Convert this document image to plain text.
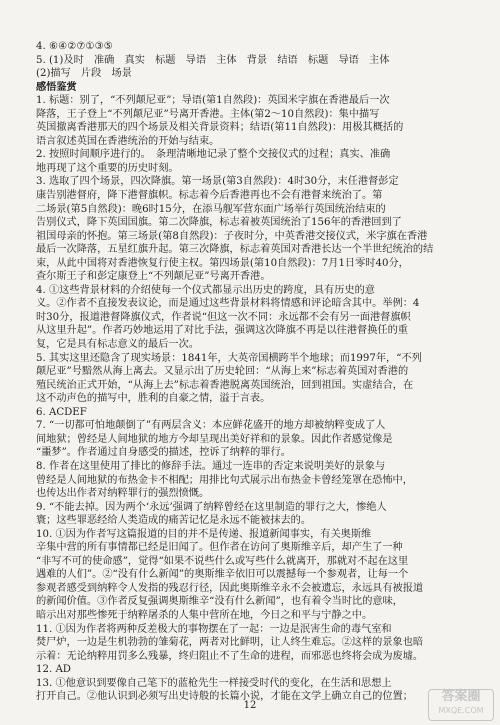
4. ⑥④②⑦①③⑤
5. (1)及时　准确　真实　标题　导语　主体　背景　结语　标题　导语　主体
(2)描写　片段　场景
感悟鉴赏
1. 标题：别了，“不列颠尼亚”；导语(第1自然段)：英国米字旗在香港最后一次
降落，王子登上“不列颠尼亚”号离开香港。主体(第2～10自然段)：集中描写
英国撤离香港那天的四个场景及相关背景资料；结语(第11自然段)：用极其概括的
语言叙述英国在香港统治的开始与结束。
2. 按照时间顺序进行的。　条理清晰地记录了整个交接仪式的过程；真实、准确
地再现了这个重要的历史时刻。
3. 选取了四个场景，四次降旗。第一场景(第3自然段)：4时30分，末任港督彭定
康告别港督府，降下港督旗帜。标志着今后香港再也不会有港督来统治了。第
二场景(第5自然段)：晚6时15分，在添马舰军营东面广场举行英国统治结束的
告别仪式，降下英国国旗。第二次降旗，标志着被英国统治了156年的香港回到了
祖国母亲的怀抱。第三场景(第8自然段)：子夜时分，中英香港交接仪式，米字旗在香港
最后一次降落，五星红旗升起。第三次降旗，标志着英国对香港长达一个半世纪统治的结
束，从此中国将对香港恢复行使主权。第四场景(第10自然段)：7月1日零时40分，
查尔斯王子和彭定康登上“不列颠尼亚”号离开香港。
4. ①这些背景材料的介绍使每一个仪式都显示出历史的跨度，具有历史的意
义。②作者不直接发表议论，而是通过这些背景材料将情感和评论暗含其中。举例：4
时30分，报道港督降旗仪式，作者说“但这一次不同：永远都不会有另一面港督旗帜
从这里升起”。作者巧妙地运用了对比手法，强调这次降旗不再是以往港督换任的重
复，它是具有标志意义的最后一次。
5. 其实这里还隐含了现实场景：1841年，大英帝国横跨半个地球；而1997年，“不列
颠尼亚”号黯然从海上离去。又显示出了历史轮回：“从海上来”标志着英国对香港的
殖民统治正式开始，“从海上去”标志着香港脱离英国统治，回到祖国。实虚结合，在
这不动声色的描写中，胜利的自豪之情，溢于言表。
6. ACDEF
7. “一切都可怕地颠倒了”有两层含义：本应鲜花盛开的地方却被纳粹变成了人
间地狱；曾经是人间地狱的地方今却呈现出美好祥和的景象。因此作者感觉像是
“噩梦”。作者通过自身感受的描述，控诉了纳粹的罪行。
8. 作者在这里使用了排比的修辞手法。通过一连串的否定来说明美好的景象与
曾经是人间地狱的布热金卡不相配；用排比句式展示出布热金卡曾经笼罩在恐怖中，
也传达出作者对纳粹罪行的强烈愤慨。
9. “不能去掉。因为两个‘永远’强调了纳粹曾经在这里制造的罪行之大，惨绝人
寰；这些罪恶经给人类造成的痛苦记忆是永远不能被抹去的。
10. ①因为作者写这篇报道的目的并不是传递、报道新闻事实，有关奥斯维
辛集中营的所有事情都已经是旧闻了。但作者在访问了奥斯维辛后，却产生了一种
“非写不可的使命感”，觉得“如果不说些什么或写些什么就离开，那就对不起在这里
遇难的人们”。②“没有什么新闻”的奥斯维辛依旧可以震撼每一个参观者，让每一个
参观者感受到纳粹令人发指的残忍行径，因此奥斯维辛永不会被遗忘，永远具有被报道
的新闻价值。③作者反复强调奥斯维辛“没有什么新闻”，也有着令当时比的意味，
暗示出对那些惨死于纳粹屠杀的人集中营所在地，今日之和平与宁静之中。
11. ①因为作者将两种反差极大的事物摆在了一起：一边是泯害生命的毒气室和
焚尸炉，一边是生机勃勃的雏菊花，两者对比鲜明，让人终生难忘。②这样的景象也暗
示着：无论纳粹用罚多么残暴，终归阻止不了生命的进程，而邪恶也终将会成为废墟。
12. AD
13. ①他意识到要像自己笔下的蓝枪先生一样接受时代的变化，在生活和思想上
打开自己。②他认识到必须写出史诗般的长篇小说，才能在文学上确立自己的位置；
12
答案圈
MXQE.COM
